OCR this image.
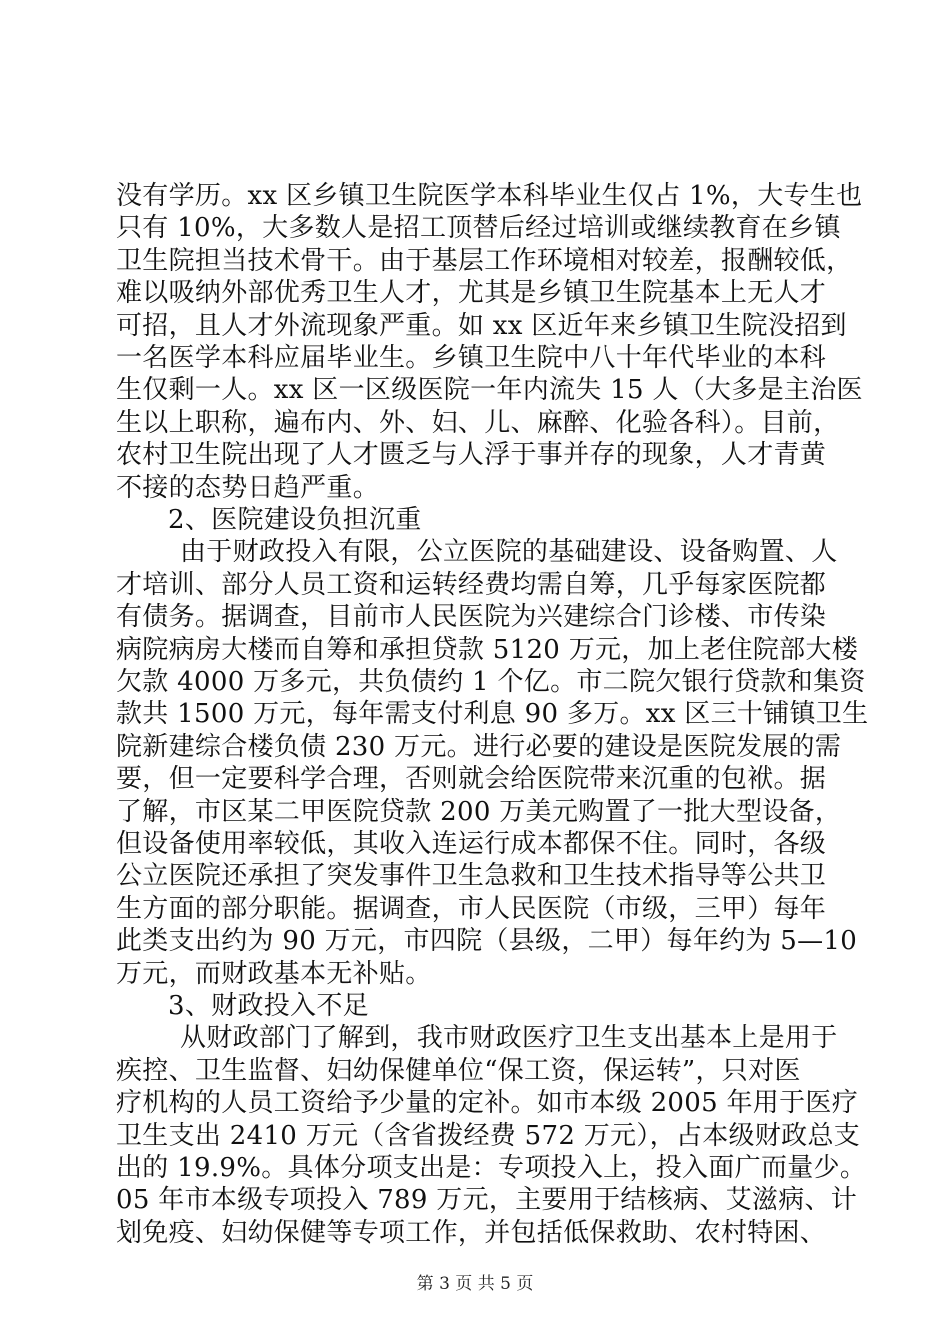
没有学历。xx 区乡镇卫生院医学本科毕业生仅占 1%，大专生也
只有 10%，大多数人是招工顶替后经过培训或继续教育在乡镇
卫生院担当技术骨干。由于基层工作环境相对较差，报酬较低，
难以吸纳外部优秀卫生人才，尤其是乡镇卫生院基本上无人才
可招，且人才外流现象严重。如 xx 区近年来乡镇卫生院没招到
一名医学本科应届毕业生。乡镇卫生院中八十年代毕业的本科
生仅剩一人。xx 区一区级医院一年内流失 15 人（大多是主治医
生以上职称，遍布内、外、妇、儿、麻醉、化验各科）。目前，
农村卫生院出现了人才匮乏与人浮于事并存的现象，人才青黄
不接的态势日趋严重。
2、医院建设负担沉重
由于财政投入有限，公立医院的基础建设、设备购置、人
才培训、部分人员工资和运转经费均需自筹，几乎每家医院都
有债务。据调查，目前市人民医院为兴建综合门诊楼、市传染
病院病房大楼而自筹和承担贷款 5120 万元，加上老住院部大楼
欠款 4000 万多元，共负债约 1 个亿。市二院欠银行贷款和集资
款共 1500 万元，每年需支付利息 90 多万。xx 区三十铺镇卫生
院新建综合楼负债 230 万元。进行必要的建设是医院发展的需
要，但一定要科学合理，否则就会给医院带来沉重的包袱。据
了解，市区某二甲医院贷款 200 万美元购置了一批大型设备，
但设备使用率较低，其收入连运行成本都保不住。同时，各级
公立医院还承担了突发事件卫生急救和卫生技术指导等公共卫
生方面的部分职能。据调查，市人民医院（市级，三甲）每年
此类支出约为 90 万元，市四院（县级，二甲）每年约为 5—10
万元，而财政基本无补贴。
3、财政投入不足
从财政部门了解到，我市财政医疗卫生支出基本上是用于
疾控、卫生监督、妇幼保健单位“保工资，保运转”，只对医
疗机构的人员工资给予少量的定补。如市本级 2005 年用于医疗
卫生支出 2410 万元（含省拨经费 572 万元），占本级财政总支
出的 19.9%。具体分项支出是：专项投入上，投入面广而量少。
05 年市本级专项投入 789 万元，主要用于结核病、艾滋病、计
划免疫、妇幼保健等专项工作，并包括低保救助、农村特困、
第 3 页 共 5 页
